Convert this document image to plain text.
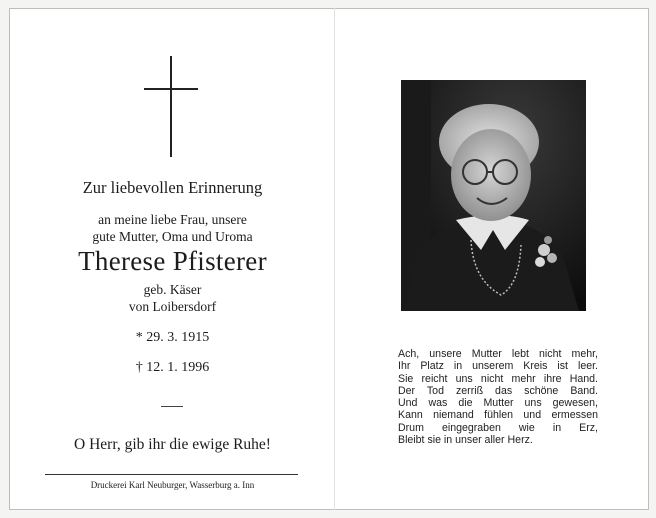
Zur liebevollen Erinnerung

an meine liebe Frau, unsere
gute Mutter, Oma und Uroma

Therese Pfisterer

geb. Käser
von Loibersdorf

* 29. 3. 1915

† 12. 1. 1996

O Herr, gib ihr die ewige Ruhe!

Druckerei Karl Neuburger, Wasserburg a. Inn

Ach, unsere Mutter lebt nicht mehr,
Ihr Platz in unserem Kreis ist leer.
Sie reicht uns nicht mehr ihre Hand.
Der Tod zerriß das schöne Band.
Und was die Mutter uns gewesen,
Kann niemand fühlen und ermessen
Drum eingegraben wie in Erz,
Bleibt sie in unser aller Herz.
